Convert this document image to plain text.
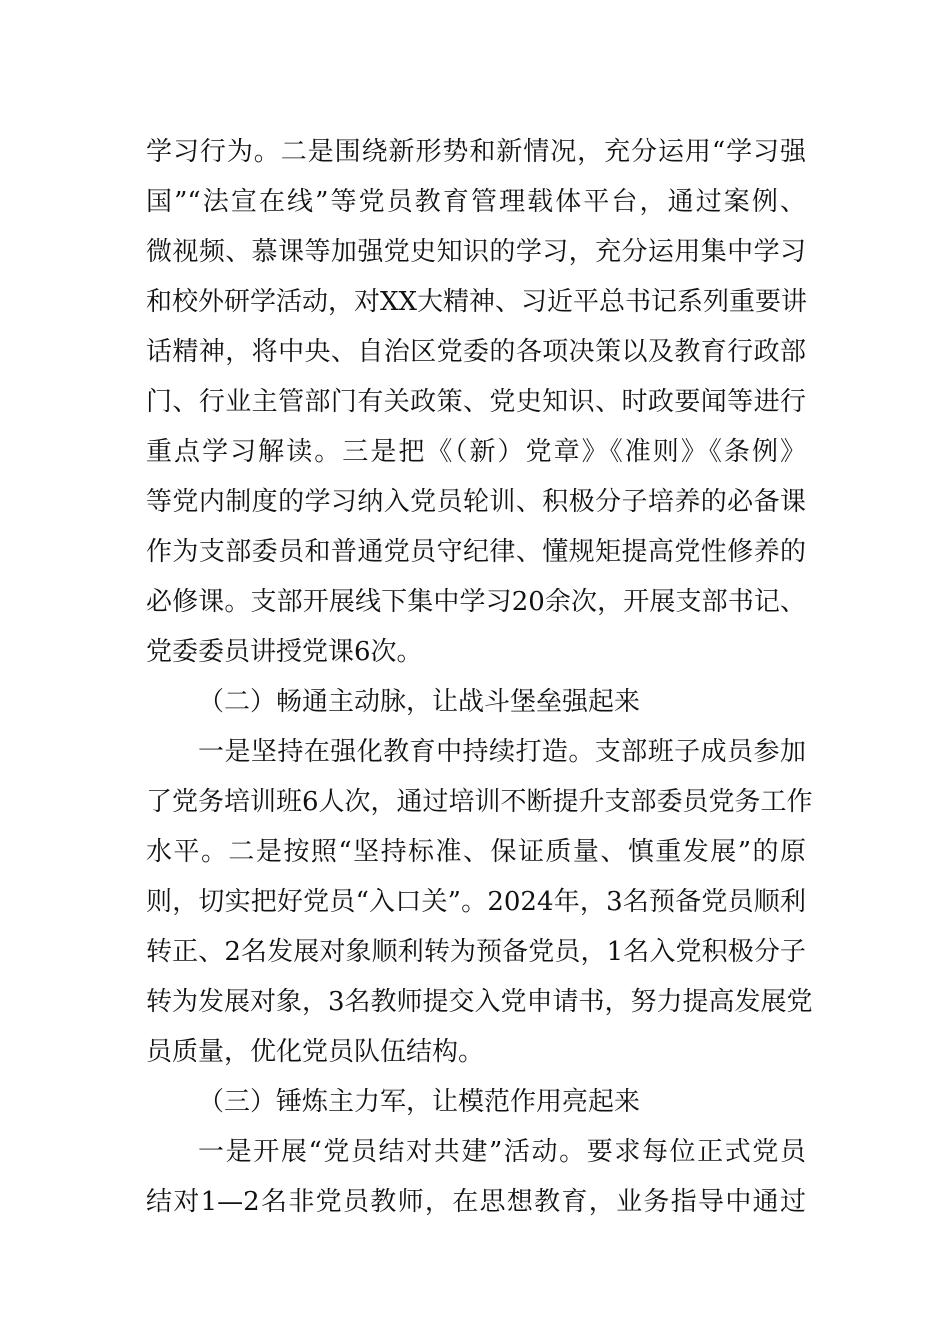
学习行为。二是围绕新形势和新情况，充分运用“学习强
国”“法宣在线”等党员教育管理载体平台，通过案例、
微视频、慕课等加强党史知识的学习，充分运用集中学习
和校外研学活动，对XX大精神、习近平总书记系列重要讲
话精神，将中央、自治区党委的各项决策以及教育行政部
门、行业主管部门有关政策、党史知识、时政要闻等进行
重点学习解读。三是把《（新）党章》《准则》《条例》
等党内制度的学习纳入党员轮训、积极分子培养的必备课
作为支部委员和普通党员守纪律、懂规矩提高党性修养的
必修课。支部开展线下集中学习20余次，开展支部书记、
党委委员讲授党课6次。
（二）畅通主动脉，让战斗堡垒强起来
一是坚持在强化教育中持续打造。支部班子成员参加
了党务培训班6人次，通过培训不断提升支部委员党务工作
水平。二是按照“坚持标准、保证质量、慎重发展”的原
则，切实把好党员“入口关”。2024年，3名预备党员顺利
转正、2名发展对象顺利转为预备党员，1名入党积极分子
转为发展对象，3名教师提交入党申请书，努力提高发展党
员质量，优化党员队伍结构。
（三）锤炼主力军，让模范作用亮起来
一是开展“党员结对共建”活动。要求每位正式党员
结对1—2名非党员教师，在思想教育，业务指导中通过
